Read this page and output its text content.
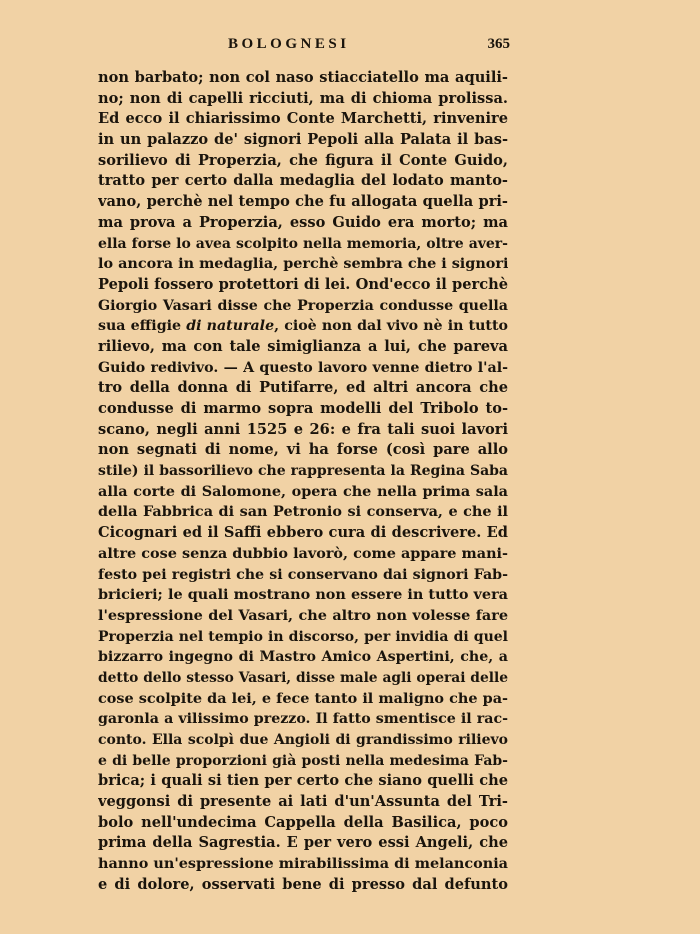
BOLOGNESI	365
non barbato; non col naso stiacciatello ma aquili-
no; non di capelli ricciuti, ma di chioma prolissa.
Ed ecco il chiarissimo Conte Marchetti, rinvenire
in un palazzo de' signori Pepoli alla Palata il bas-
sorilievo di Properzia, che figura il Conte Guido,
tratto per certo dalla medaglia del lodato manto-
vano, perchè nel tempo che fu allogata quella pri-
ma prova a Properzia, esso Guido era morto; ma
ella forse lo avea scolpito nella memoria, oltre aver-
lo ancora in medaglia, perchè sembra che i signori
Pepoli fossero protettori di lei. Ond'ecco il perchè
Giorgio Vasari disse che Properzia condusse quella
sua effigie di naturale, cioè non dal vivo nè in tutto
rilievo, ma con tale simiglianza a lui, che pareva
Guido redivivo. — A questo lavoro venne dietro l'al-
tro della donna di Putifarre, ed altri ancora che
condusse di marmo sopra modelli del Tribolo to-
scano, negli anni 1525 e 26: e fra tali suoi lavori
non segnati di nome, vi ha forse (così pare allo
stile) il bassorilievo che rappresenta la Regina Saba
alla corte di Salomone, opera che nella prima sala
della Fabbrica di san Petronio si conserva, e che il
Cicognari ed il Saffi ebbero cura di descrivere. Ed
altre cose senza dubbio lavorò, come appare mani-
festo pei registri che si conservano dai signori Fab-
bricieri; le quali mostrano non essere in tutto vera
l'espressione del Vasari, che altro non volesse fare
Properzia nel tempio in discorso, per invidia di quel
bizzarro ingegno di Mastro Amico Aspertini, che, a
detto dello stesso Vasari, disse male agli operai delle
cose scolpite da lei, e fece tanto il maligno che pa-
garonla a vilissimo prezzo. Il fatto smentisce il rac-
conto. Ella scolpì due Angioli di grandissimo rilievo
e di belle proporzioni già posti nella medesima Fab-
brica; i quali si tien per certo che siano quelli che
veggonsi di presente ai lati d'un'Assunta del Tri-
bolo nell'undecima Cappella della Basilica, poco
prima della Sagrestia. E per vero essi Angeli, che
hanno un'espressione mirabilissima di melanconia
e di dolore, osservati bene di presso dal defunto
